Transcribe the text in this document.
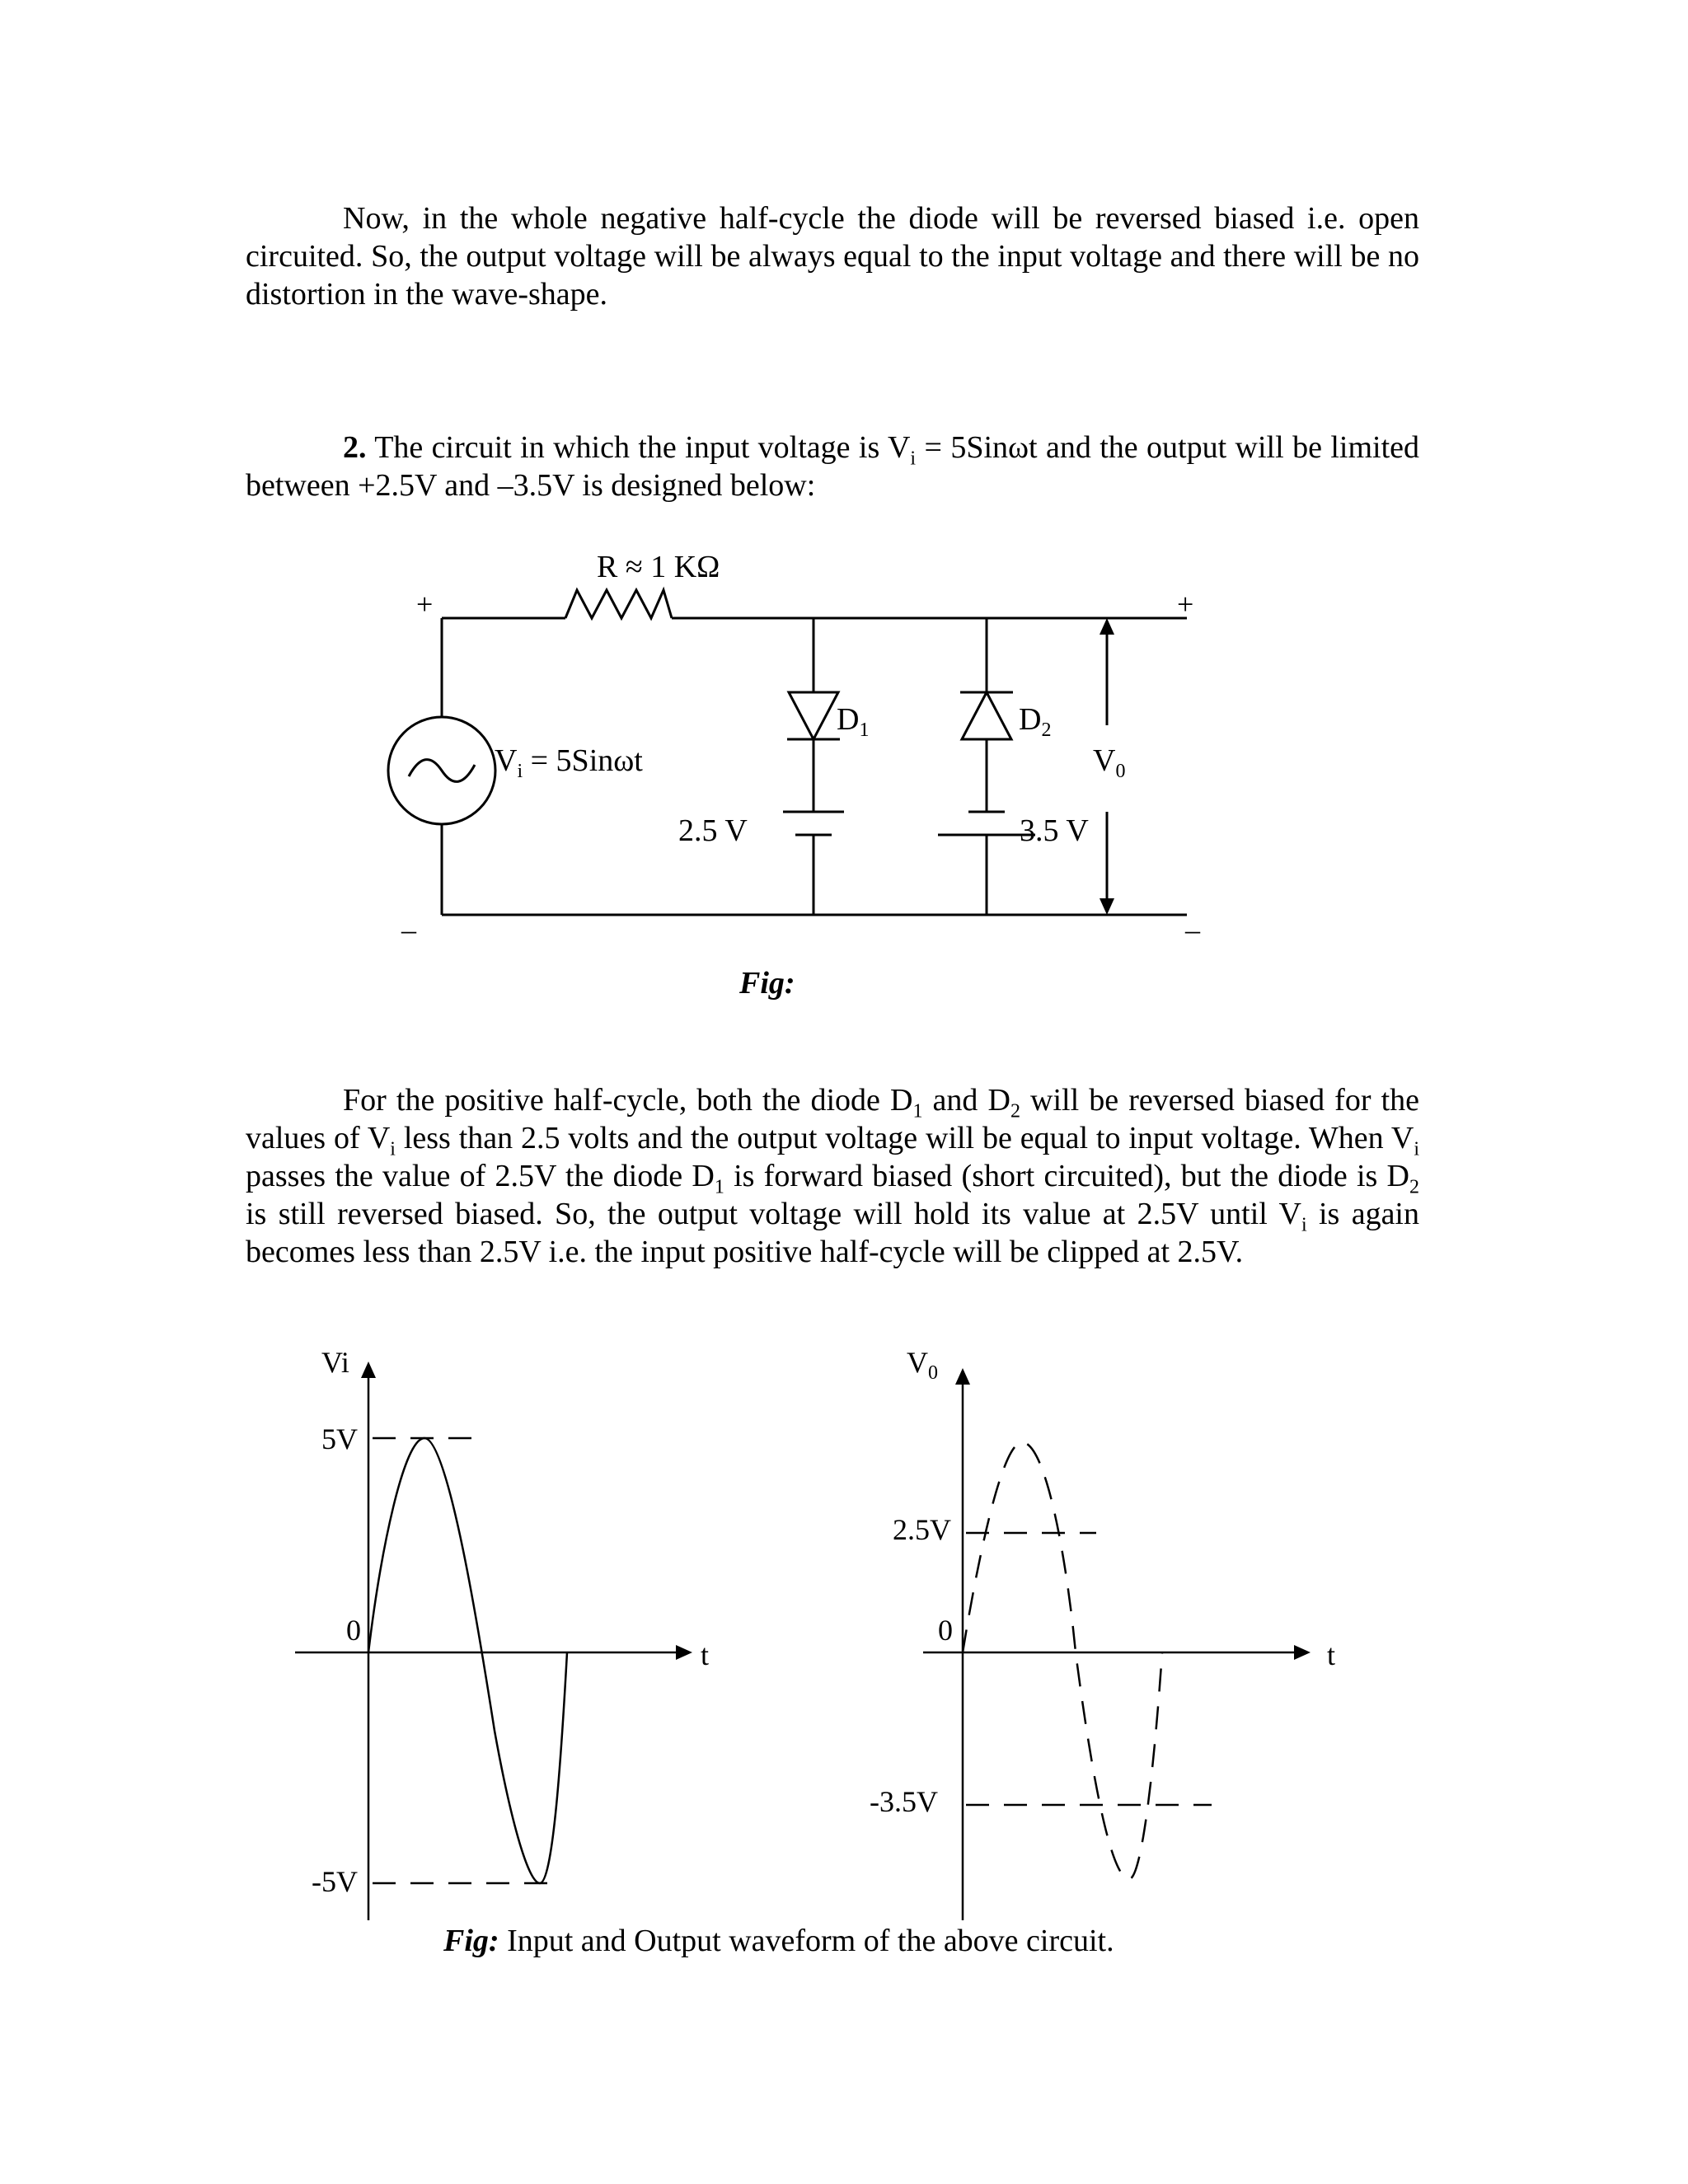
Now, in the whole negative half-cycle the diode will be reversed biased i.e. open circuited. So, the output voltage will be always equal to the input voltage and there will be no distortion in the wave-shape.

2. The circuit in which the input voltage is $V_i = 5Sin\omega t$ and the output will be limited between +2.5V and –3.5V is designed below:

For the positive half-cycle, both the diode $D_1$ and $D_2$ will be reversed biased for the values of $V_i$ less than 2.5 volts and the output voltage will be equal to input voltage. When $V_i$ passes the value of 2.5V the diode $D_1$ is forward biased (short circuited), but the diode is $D_2$ is still reversed biased. So, the output voltage will hold its value at 2.5V until $V_i$ is again becomes less than 2.5V i.e. the input positive half-cycle will be clipped at 2.5V.

R ≈ 1 KΩ
+
–
+
–
$V_i = 5Sin\omega t$
$D_1$
2.5 V
$D_2$
3.5 V
$V_0$
Fig:
Vi
5V
0
-5V
t
$V_0$
2.5V
0
-3.5V
t
Fig: Input and Output waveform of the above circuit.
